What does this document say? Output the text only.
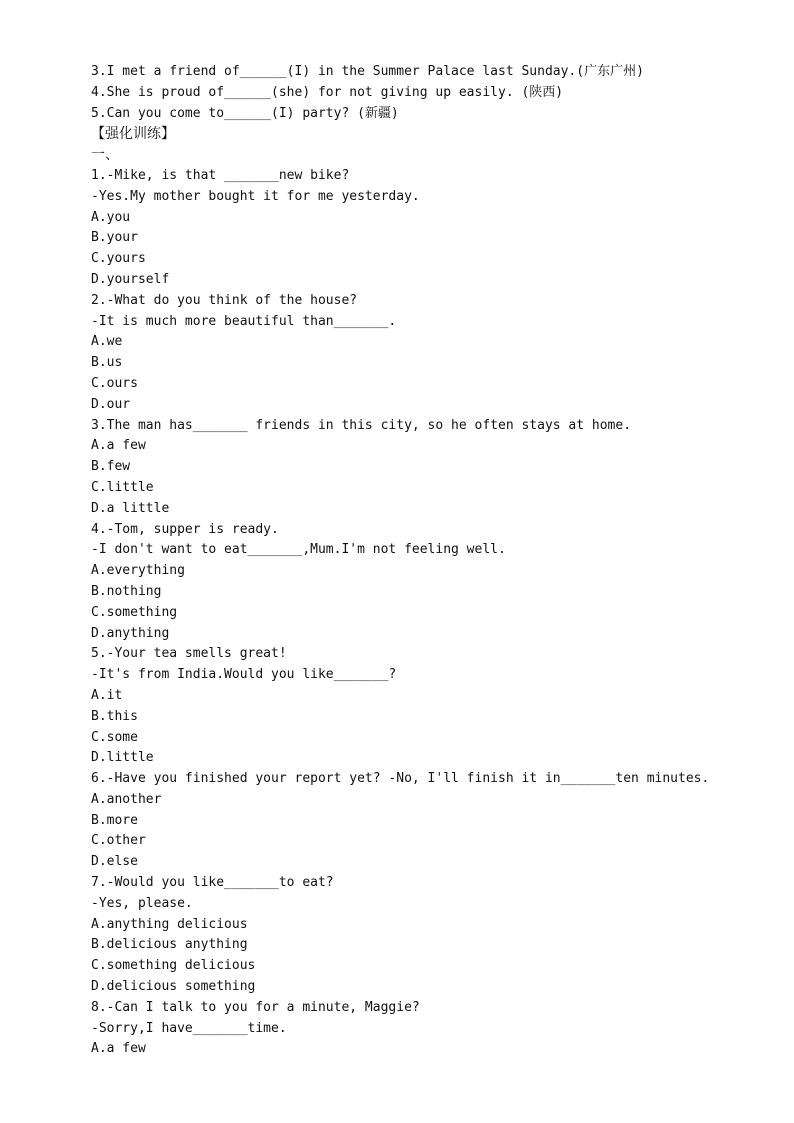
3.I met a friend of______(I) in the Summer Palace last Sunday.(广东广州)
4.She is proud of______(she) for not giving up easily. (陕西)
5.Can you come to______(I) party? (新疆)
【强化训练】
一、
1.-Mike, is that _______new bike?
-Yes.My mother bought it for me yesterday.
A.you
B.your
C.yours
D.yourself
2.-What do you think of the house?
-It is much more beautiful than_______.
A.we
B.us
C.ours
D.our
3.The man has_______ friends in this city, so he often stays at home.
A.a few
B.few
C.little
D.a little
4.-Tom, supper is ready.
-I don't want to eat_______,Mum.I'm not feeling well.
A.everything
B.nothing
C.something
D.anything
5.-Your tea smells great!
-It's from India.Would you like_______?
A.it
B.this
C.some
D.little
6.-Have you finished your report yet? -No, I'll finish it in_______ten minutes.
A.another
B.more
C.other
D.else
7.-Would you like_______to eat?
-Yes, please.
A.anything delicious
B.delicious anything
C.something delicious
D.delicious something
8.-Can I talk to you for a minute, Maggie?
-Sorry,I have_______time.
A.a few
